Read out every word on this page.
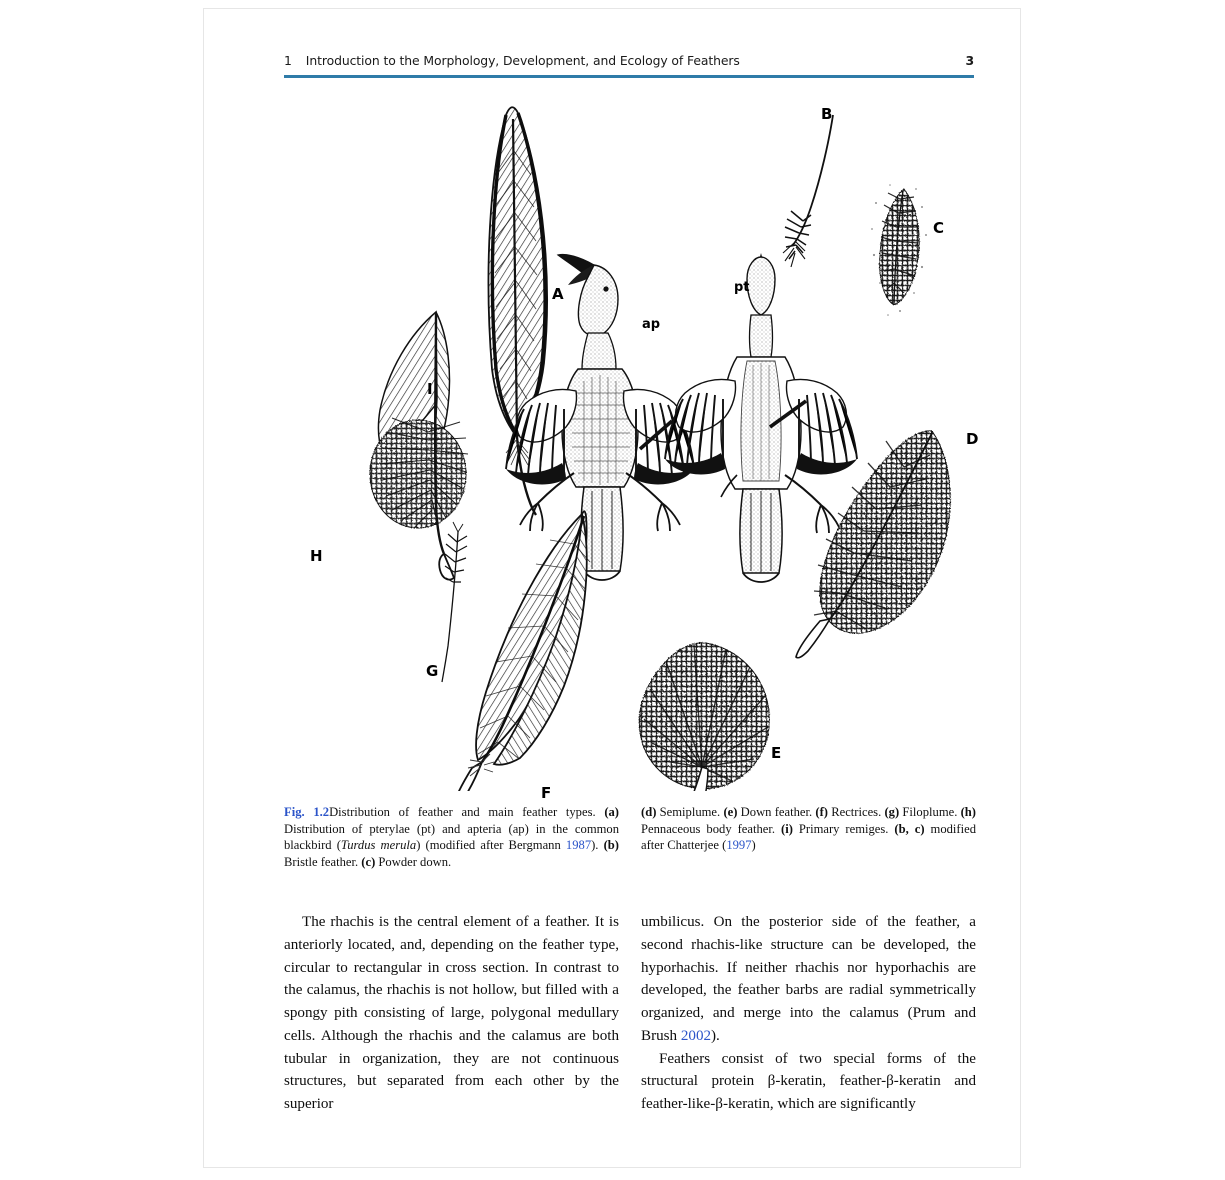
1 Introduction to the Morphology, Development, and Ecology of Feathers	3
A
B
C
D
E
F
G
H
I
ap
pt

Fig. 1.2Distribution of feather and main feather types. (a) Distribution of pterylae (pt) and apteria (ap) in the common blackbird (Turdus merula) (modified after Bergmann 1987). (b) Bristle feather. (c) Powder down.

(d) Semiplume. (e) Down feather. (f) Rectrices. (g) Filoplume. (h) Pennaceous body feather. (i) Primary remiges. (b, c) modified after Chatterjee (1997)

The rhachis is the central element of a feather. It is anteriorly located, and, depending on the feather type, circular to rectangular in cross section. In contrast to the calamus, the rhachis is not hollow, but filled with a spongy pith consisting of large, polygonal medullary cells. Although the rhachis and the calamus are both tubular in organization, they are not continuous structures, but separated from each other by the superior

umbilicus. On the posterior side of the feather, a second rhachis-like structure can be developed, the hyporhachis. If neither rhachis nor hyporhachis are developed, the feather barbs are radial symmetrically organized, and merge into the calamus (Prum and Brush 2002).

Feathers consist of two special forms of the structural protein β-keratin, feather-β-keratin and feather-like-β-keratin, which are significantly
